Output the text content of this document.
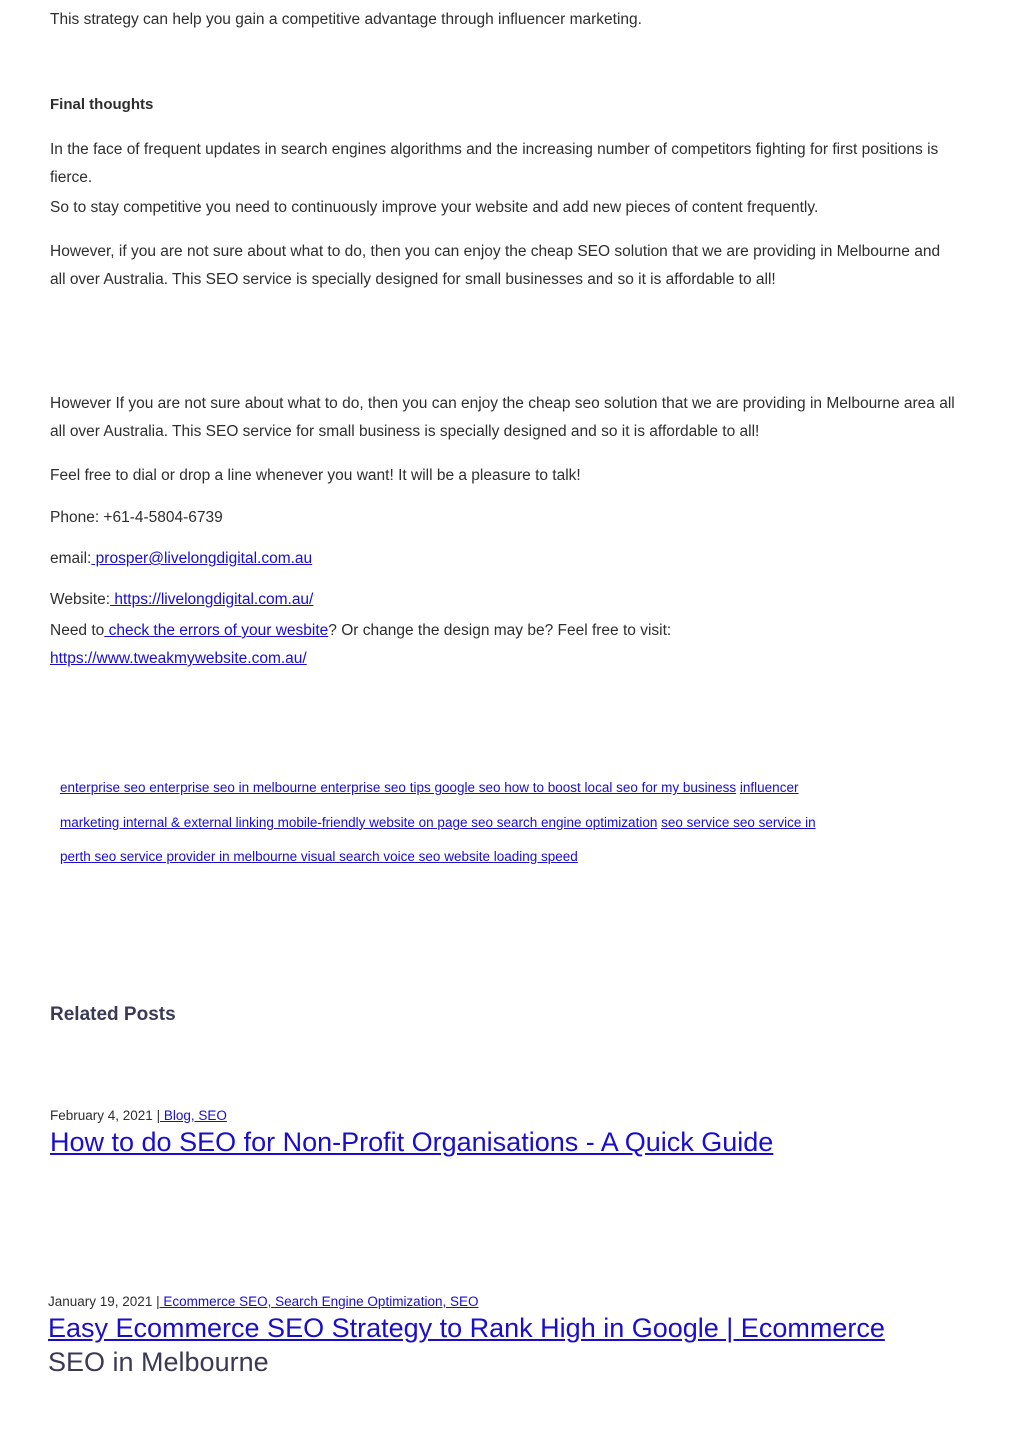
This strategy can help you gain a competitive advantage through influencer marketing.

Final thoughts

In the face of frequent updates in search engines algorithms and the increasing number of competitors fighting for first positions is fierce.

So to stay competitive you need to continuously improve your website and add new pieces of content frequently.

However, if you are not sure about what to do, then you can enjoy the cheap SEO solution that we are providing in Melbourne and all over Australia. This SEO service is specially designed for small businesses and so it is affordable to all!

However If you are not sure about what to do, then you can enjoy the cheap seo solution that we are providing in Melbourne area all all over Australia. This SEO service for small business is specially designed and so it is affordable to all!

Feel free to dial or drop a line whenever you want! It will be a pleasure to talk!

Phone: +61-4-5804-6739

email: prosper@livelongdigital.com.au

Website: https://livelongdigital.com.au/

Need to check the errors of your wesbite? Or change the design may be? Feel free to visit:
https://www.tweakmywebsite.com.au/

enterprise seo enterprise seo in melbourne enterprise seo tips google seo how to boost local seo for my business influencer
marketing internal & external linking mobile-friendly website on page seo search engine optimization seo service seo service in
perth seo service provider in melbourne visual search voice seo website loading speed
Related Posts
February 4, 2021 | Blog, SEO
How to do SEO for Non-Profit Organisations - A Quick Guide
January 19, 2021 | Ecommerce SEO, Search Engine Optimization, SEO
Easy Ecommerce SEO Strategy to Rank High in Google | Ecommerce SEO in Melbourne
